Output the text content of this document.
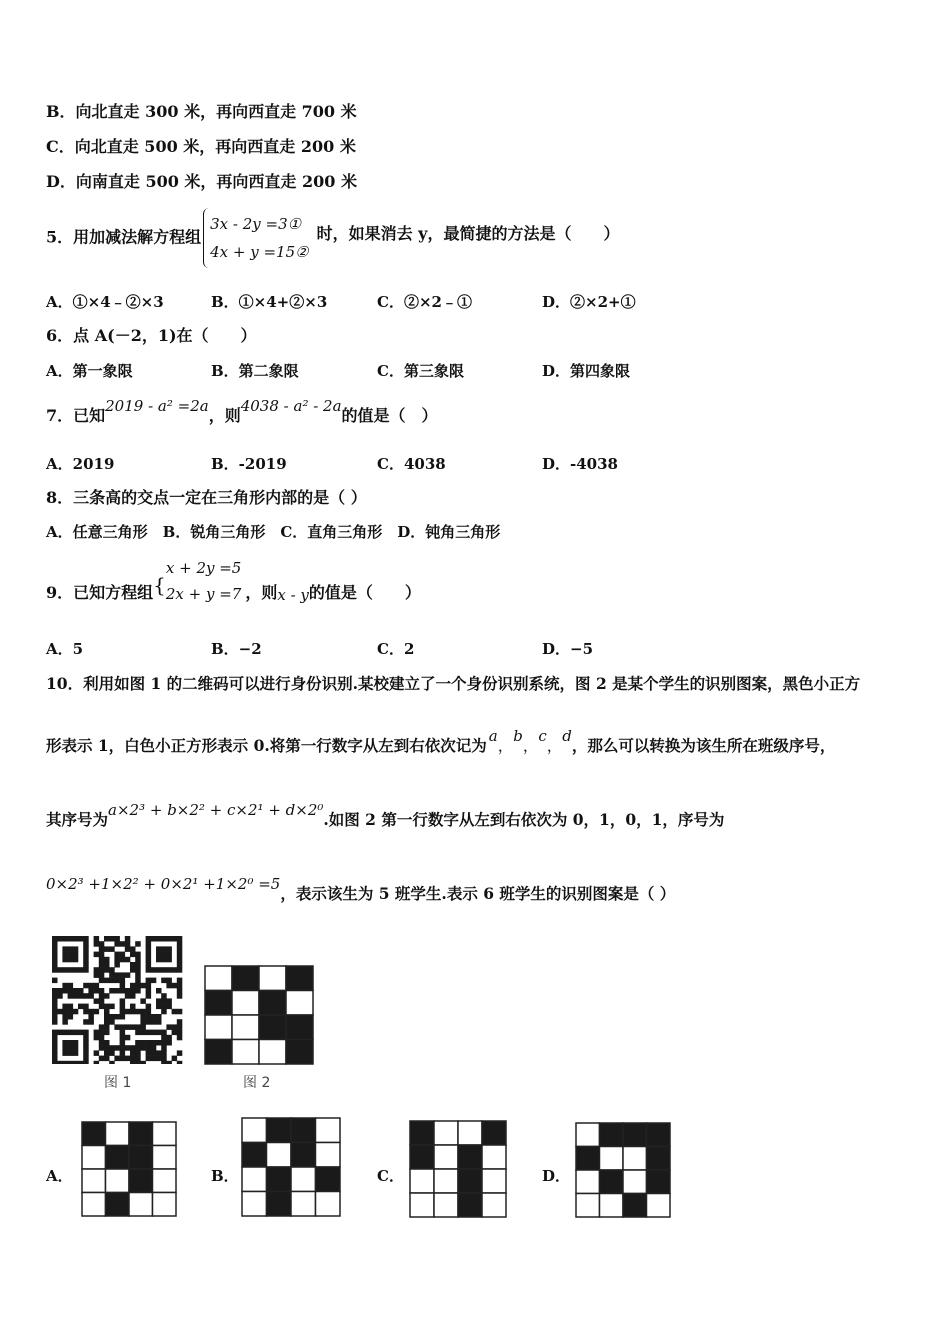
B．向北直走 300 米，再向西直走 700 米
C．向北直走 500 米，再向西直走 200 米
D．向南直走 500 米，再向西直走 200 米
5．用加减法解方程组
3x - 2y =3①
4x + y =15②
时，如果消去 y，最简捷的方法是（　　）
A．①×4﹣②×3	B．①×4+②×3	C．②×2﹣①	D．②×2+①
6．点 A(－2，1)在（　　）
A．第一象限	B．第二象限	C．第三象限	D．第四象限
7．已知2019 - a² =2a，则4038 - a² - 2a的值是（　）
A．2019	B．-2019	C．4038	D．-4038
8．三条高的交点一定在三角形内部的是（ ）
A．任意三角形　B．锐角三角形　C．直角三角形　D．钝角三角形
9．已知方程组{
x + 2y =5
2x + y =7 ，则x - y的值是（　　）
A．5	B．−2	C．2	D．−5
10．利用如图 1 的二维码可以进行身份识别.某校建立了一个身份识别系统，图 2 是某个学生的识别图案，黑色小正方
形表示 1，白色小正方形表示 0.将第一行数字从左到右依次记为 a，b，c，d，那么可以转换为该生所在班级序号，
其序号为a×2³ + b×2² + c×2¹ + d×2⁰.如图 2 第一行数字从左到右依次为 0，1，0，1，序号为
0×2³ +1×2² + 0×2¹ +1×2⁰ =5，表示该生为 5 班学生.表示 6 班学生的识别图案是（ ）
图 1	图 2
A．	B．	C．	D．
